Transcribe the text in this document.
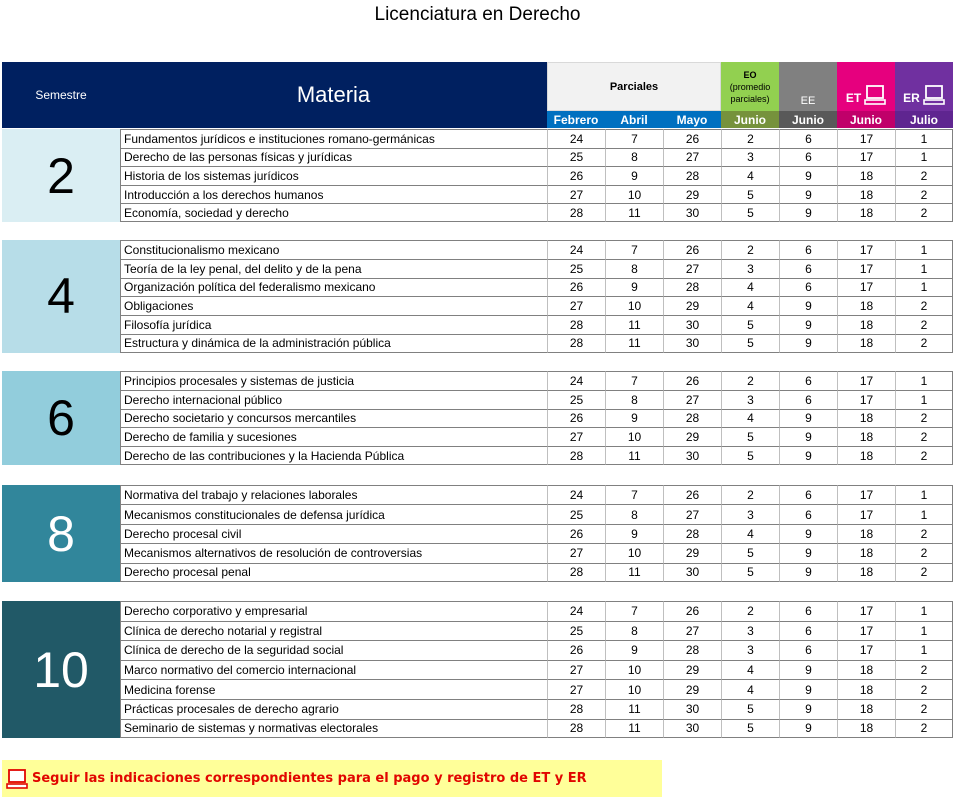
Licenciatura en Derecho
Semestre	Materia	Parciales
EO
(promedio parciales)	EE	ET	ER
Febrero	Abril	Mayo	Junio	Junio	Junio	Julio
2
Fundamentos jurídicos e instituciones romano-germánicas	24	7	26	2	6	17	1
Derecho de las personas físicas y jurídicas	25	8	27	3	6	17	1
Historia de los sistemas jurídicos	26	9	28	4	9	18	2
Introducción a los derechos humanos	27	10	29	5	9	18	2
Economía, sociedad y derecho	28	11	30	5	9	18	2
4
Constitucionalismo mexicano	24	7	26	2	6	17	1
Teoría de la ley penal, del delito y de la pena	25	8	27	3	6	17	1
Organización política del federalismo mexicano	26	9	28	4	6	17	1
Obligaciones	27	10	29	4	9	18	2
Filosofía jurídica	28	11	30	5	9	18	2
Estructura y dinámica de la administración pública	28	11	30	5	9	18	2
6
Principios procesales y sistemas de justicia	24	7	26	2	6	17	1
Derecho internacional público	25	8	27	3	6	17	1
Derecho societario y concursos mercantiles	26	9	28	4	9	18	2
Derecho de familia y sucesiones	27	10	29	5	9	18	2
Derecho de las contribuciones y la Hacienda Pública	28	11	30	5	9	18	2
8
Normativa del trabajo y relaciones laborales	24	7	26	2	6	17	1
Mecanismos constitucionales de defensa jurídica	25	8	27	3	6	17	1
Derecho procesal civil	26	9	28	4	9	18	2
Mecanismos alternativos de resolución de controversias	27	10	29	5	9	18	2
Derecho procesal penal	28	11	30	5	9	18	2
10
Derecho corporativo y empresarial	24	7	26	2	6	17	1
Clínica de derecho notarial y registral	25	8	27	3	6	17	1
Clínica de derecho de la seguridad social	26	9	28	3	6	17	1
Marco normativo del comercio internacional	27	10	29	4	9	18	2
Medicina forense	27	10	29	4	9	18	2
Prácticas procesales de derecho agrario	28	11	30	5	9	18	2
Seminario de sistemas y normativas electorales	28	11	30	5	9	18	2
Seguir las indicaciones correspondientes para el pago y registro de ET y ER
